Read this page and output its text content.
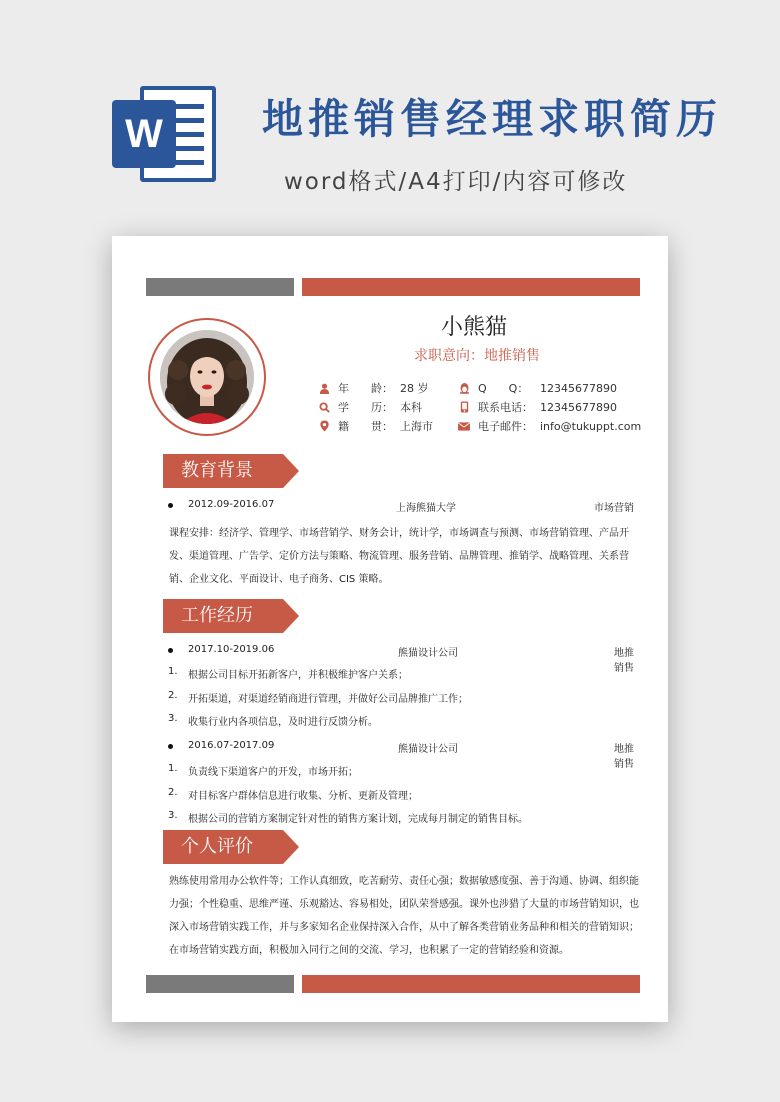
W	地推销售经理求职简历
word格式/A4打印/内容可修改
小熊猫
求职意向：地推销售
年　　龄： 28 岁
学　　历： 本科
籍　　贯： 上海市
Q　　Q：	12345677890
联系电话： 12345677890
电子邮件： info@tukuppt.com
教育背景
2012.09-2016.07	上海熊猫大学	市场营销
课程安排：经济学、管理学、市场营销学、财务会计，统计学，市场调查与预测、市场营销管理、产品开发、渠道管理、广告学、定价方法与策略、物流管理、服务营销、品牌管理、推销学、战略管理、关系营销、企业文化、平面设计、电子商务、CIS 策略。
工作经历
2017.10-2019.06	熊猫设计公司	地推销售
1.	根据公司目标开拓新客户，并积极维护客户关系；
2.	开拓渠道，对渠道经销商进行管理，并做好公司品牌推广工作；
3.	收集行业内各项信息，及时进行反馈分析。
2016.07-2017.09	熊猫设计公司	地推销售
1.	负责线下渠道客户的开发，市场开拓；
2.	对目标客户群体信息进行收集、分析、更新及管理；
3.	根据公司的营销方案制定针对性的销售方案计划，完成每月制定的销售目标。
个人评价
熟练使用常用办公软件等；工作认真细致，吃苦耐劳、责任心强；数据敏感度强、善于沟通、协调、组织能力强；个性稳重、思维严谨、乐观豁达、容易相处，团队荣誉感强。课外也涉猎了大量的市场营销知识，也深入市场营销实践工作，并与多家知名企业保持深入合作，从中了解各类营销业务品种和相关的营销知识；在市场营销实践方面，积极加入同行之间的交流、学习，也积累了一定的营销经验和资源。
